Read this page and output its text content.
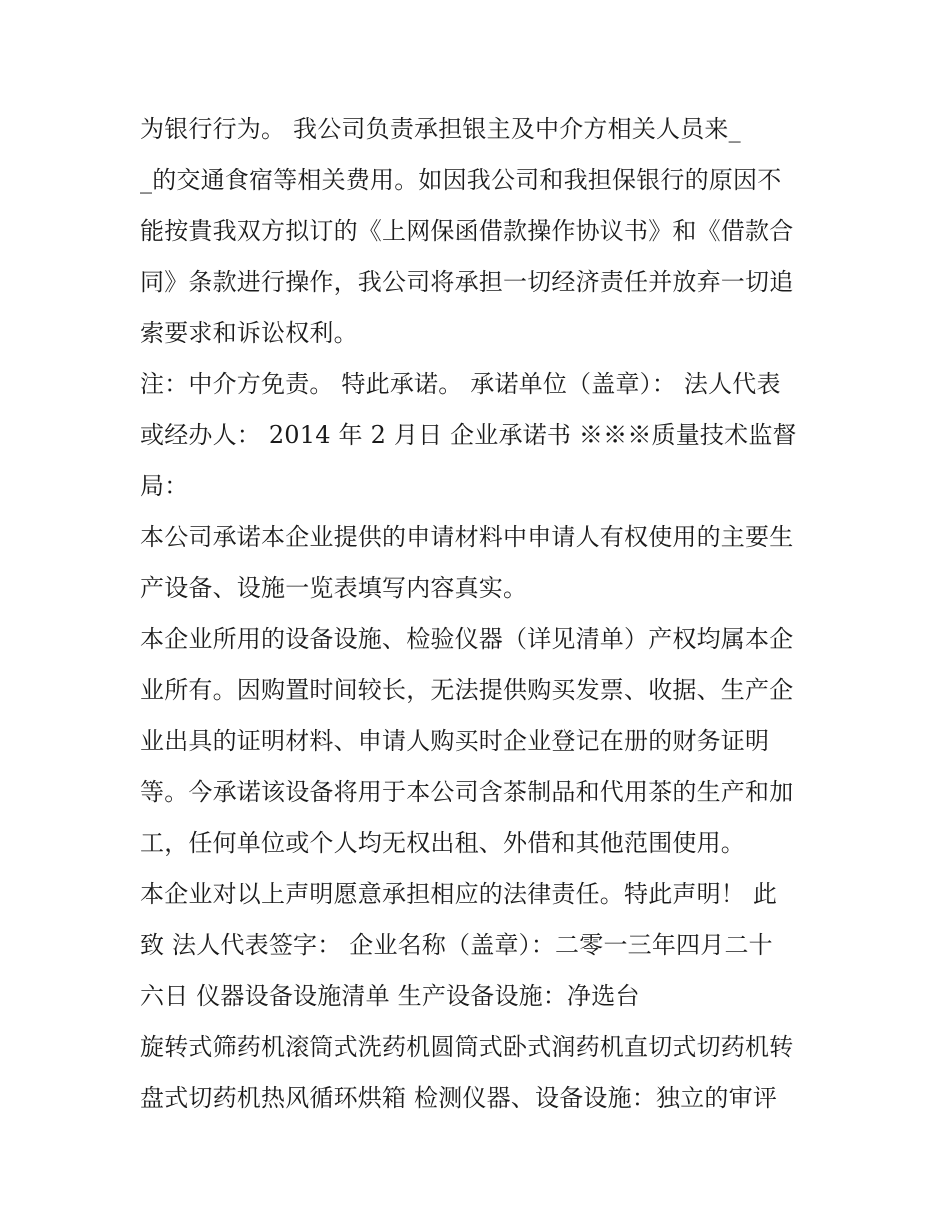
为银行行为。 我公司负责承担银主及中介方相关人员来_
_的交通食宿等相关费用。如因我公司和我担保银行的原因不
能按貴我双方拟订的《上网保函借款操作协议书》和《借款合
同》条款进行操作，我公司将承担一切经济责任并放弃一切追
索要求和诉讼权利。

注：中介方免责。 特此承诺。 承诺单位（盖章）： 法人代表
或经办人： 2014 年 2 月日 企业承诺书 ※※※质量技术监督
局：

本公司承诺本企业提供的申请材料中申请人有权使用的主要生
产设备、设施一览表填写内容真实。

本企业所用的设备设施、检验仪器（详见清单）产权均属本企
业所有。因购置时间较长，无法提供购买发票、收据、生产企
业出具的证明材料、申请人购买时企业登记在册的财务证明
等。今承诺该设备将用于本公司含茶制品和代用茶的生产和加
工，任何单位或个人均无权出租、外借和其他范围使用。

本企业对以上声明愿意承担相应的法律责任。特此声明！ 此
致 法人代表签字： 企业名称（盖章）：二零一三年四月二十
六日 仪器设备设施清单 生产设备设施：净选台

旋转式筛药机滚筒式洗药机圆筒式卧式润药机直切式切药机转
盘式切药机热风循环烘箱 检测仪器、设备设施：独立的审评
